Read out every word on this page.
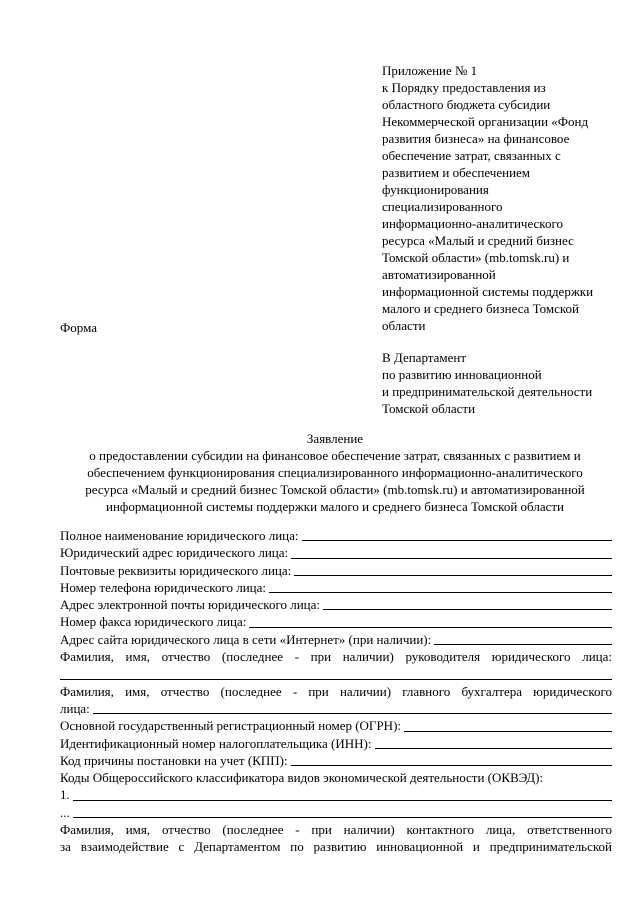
Приложение № 1
к Порядку предоставления из
областного бюджета субсидии
Некоммерческой организации «Фонд
развития бизнеса» на финансовое
обеспечение затрат, связанных с
развитием и обеспечением
функционирования
специализированного
информационно-аналитического
ресурса «Малый и средний бизнес
Томской области» (mb.tomsk.ru) и
автоматизированной
информационной системы поддержки
малого и среднего бизнеса Томской
области
Форма
В Департамент
по развитию инновационной
и предпринимательской деятельности
Томской области
Заявление
о предоставлении субсидии на финансовое обеспечение затрат, связанных с развитием и
обеспечением функционирования специализированного информационно-аналитического
ресурса «Малый и средний бизнес Томской области» (mb.tomsk.ru) и автоматизированной
информационной системы поддержки малого и среднего бизнеса Томской области
Полное наименование юридического лица:
Юридический адрес юридического лица:
Почтовые реквизиты юридического лица:
Номер телефона юридического лица:
Адрес электронной почты юридического лица:
Номер факса юридического лица:
Адрес сайта юридического лица в сети «Интернет» (при наличии):
Фамилия, имя, отчество (последнее - при наличии) руководителя юридического лица:
Фамилия, имя, отчество (последнее - при наличии) главного бухгалтера юридического
лица:
Основной государственный регистрационный номер (ОГРН):
Идентификационный номер налогоплательщика (ИНН):
Код причины постановки на учет (КПП):
Коды Общероссийского классификатора видов экономической деятельности (ОКВЭД):
1.
...
Фамилия, имя, отчество (последнее - при наличии) контактного лица, ответственного
за взаимодействие с Департаментом по развитию инновационной и предпринимательской
